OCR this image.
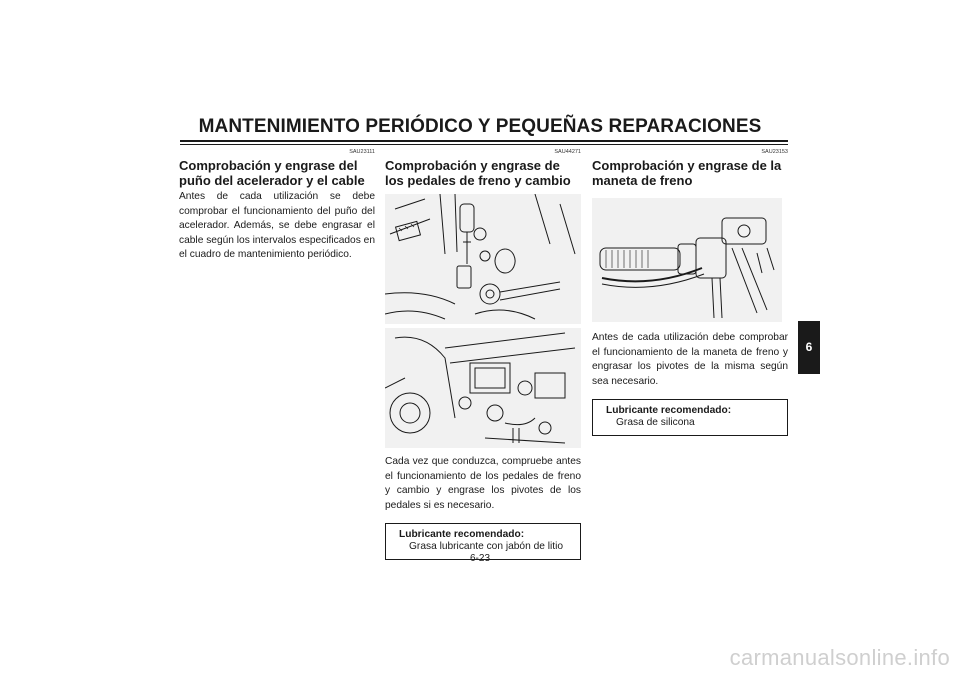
MANTENIMIENTO PERIÓDICO Y PEQUEÑAS REPARACIONES
SAU23111
Comprobación y engrase del puño del acelerador y el cable

Antes de cada utilización se debe comprobar el funcionamiento del puño del acelerador. Además, se debe engrasar el cable según los intervalos especificados en el cuadro de mantenimiento periódico.

SAU44271
Comprobación y engrase de los pedales de freno y cambio

Cada vez que conduzca, compruebe antes el funcionamiento de los pedales de freno y cambio y engrase los pivotes de los pedales si es necesario.

Lubricante recomendado:
Grasa lubricante con jabón de litio
SAU23153
Comprobación y engrase de la maneta de freno

Antes de cada utilización debe comprobar el funcionamiento de la maneta de freno y engrasar los pivotes de la misma según sea necesario.

Lubricante recomendado:
Grasa de silicona
6
6-23
carmanualsonline.info
